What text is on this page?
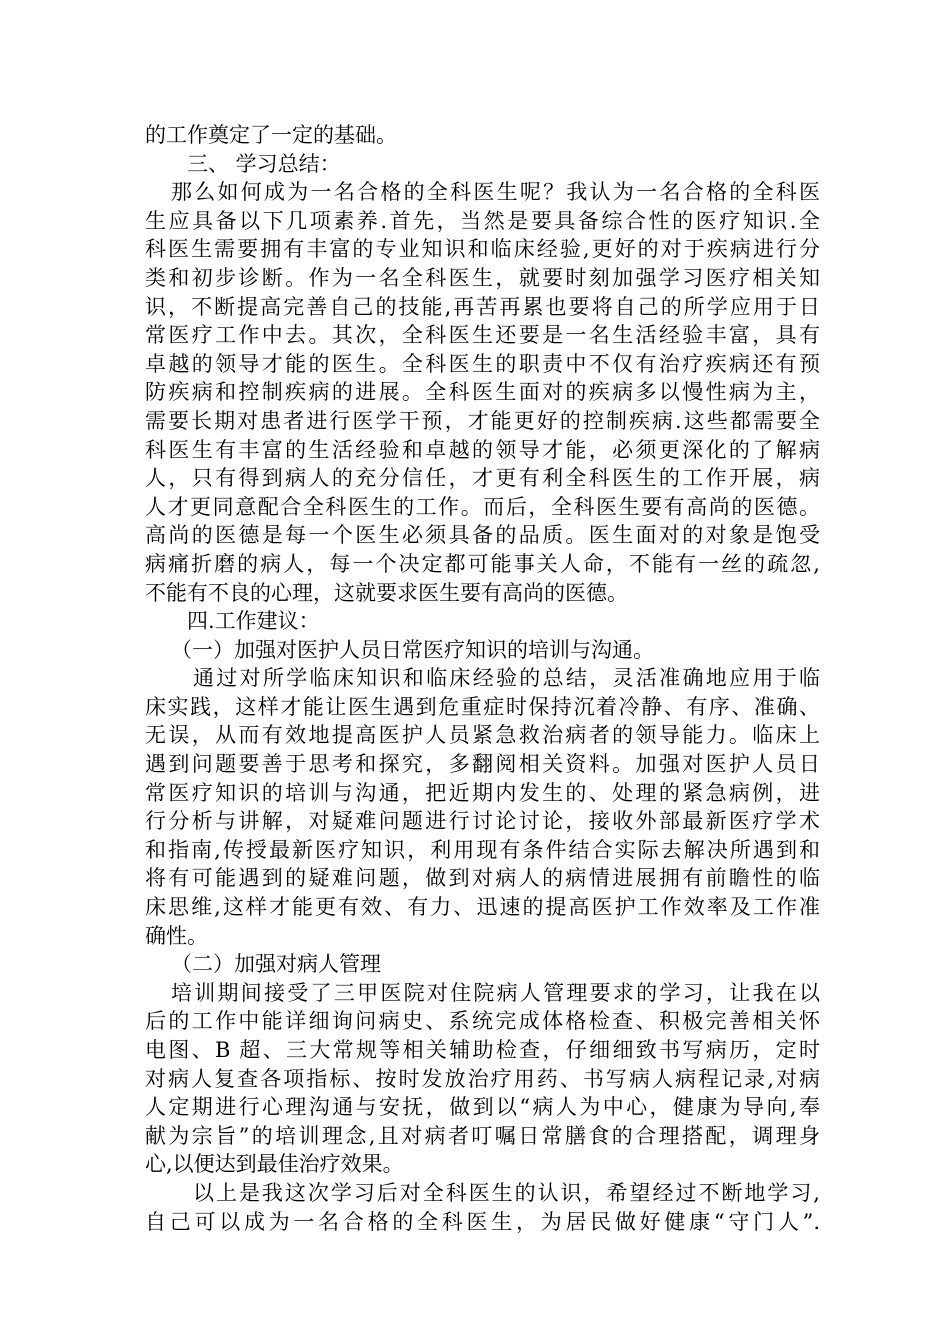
的工作奠定了一定的基础。
三、 学习总结：
那么如何成为一名合格的全科医生呢？我认为一名合格的全科医
生应具备以下几项素养.首先，当然是要具备综合性的医疗知识.全
科医生需要拥有丰富的专业知识和临床经验,更好的对于疾病进行分
类和初步诊断。作为一名全科医生，就要时刻加强学习医疗相关知
识，不断提高完善自己的技能,再苦再累也要将自己的所学应用于日
常医疗工作中去。其次，全科医生还要是一名生活经验丰富，具有
卓越的领导才能的医生。全科医生的职责中不仅有治疗疾病还有预
防疾病和控制疾病的进展。全科医生面对的疾病多以慢性病为主，
需要长期对患者进行医学干预，才能更好的控制疾病.这些都需要全
科医生有丰富的生活经验和卓越的领导才能，必须更深化的了解病
人，只有得到病人的充分信任，才更有利全科医生的工作开展，病
人才更同意配合全科医生的工作。而后，全科医生要有高尚的医德。
高尚的医德是每一个医生必须具备的品质。医生面对的对象是饱受
病痛折磨的病人，每一个决定都可能事关人命，不能有一丝的疏忽,
不能有不良的心理，这就要求医生要有高尚的医德。
四.工作建议：
（一）加强对医护人员日常医疗知识的培训与沟通。
通过对所学临床知识和临床经验的总结，灵活准确地应用于临
床实践，这样才能让医生遇到危重症时保持沉着冷静、有序、准确、
无误，从而有效地提高医护人员紧急救治病者的领导能力。临床上
遇到问题要善于思考和探究，多翻阅相关资料。加强对医护人员日
常医疗知识的培训与沟通，把近期内发生的、处理的紧急病例，进
行分析与讲解，对疑难问题进行讨论讨论，接收外部最新医疗学术
和指南,传授最新医疗知识，利用现有条件结合实际去解决所遇到和
将有可能遇到的疑难问题，做到对病人的病情进展拥有前瞻性的临
床思维,这样才能更有效、有力、迅速的提高医护工作效率及工作准
确性。
（二）加强对病人管理
培训期间接受了三甲医院对住院病人管理要求的学习，让我在以
后的工作中能详细询问病史、系统完成体格检查、积极完善相关怀
电图、B 超、三大常规等相关辅助检查，仔细细致书写病历，定时
对病人复查各项指标、按时发放治疗用药、书写病人病程记录,对病
人定期进行心理沟通与安抚，做到以“病人为中心，健康为导向,奉
献为宗旨”的培训理念,且对病者叮嘱日常膳食的合理搭配，调理身
心,以便达到最佳治疗效果。
以上是我这次学习后对全科医生的认识，希望经过不断地学习,
自己可以成为一名合格的全科医生，为居民做好健康“守门人”.
